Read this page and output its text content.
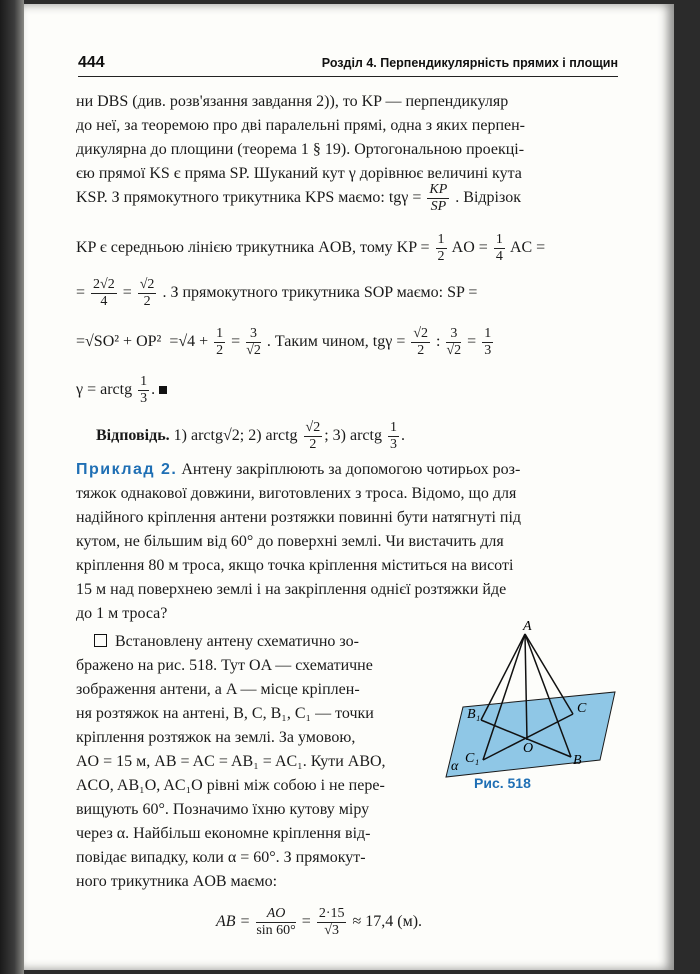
444	Розділ 4. Перпендикулярність прямих і площин
ни DBS (див. розв'язання завдання 2)), то KP — перпендикуляр
до неї, за теоремою про дві паралельні прямі, одна з яких перпен-
дикулярна до площини (теорема 1 § 19). Ортогональною проекці-
єю прямої KS є пряма SP. Шуканий кут γ дорівнює величині кута
KSP. З прямокутного трикутника KPS маємо: $tg\gamma = \frac{KP}{SP}$ . Відрізок
KP є середньою лінією трикутника AOB, тому KP = $\frac{1}{2}$ AO = $\frac{1}{4}$ AC =
= $\frac{2√2}{4} = \frac{√2}{2}$ . З прямокутного трикутника SOP маємо: SP =
$=√SO^2 + OP^2 =√4 + \frac{1}{2} = \frac{3}{√2}$ . Таким чином, $tg\gamma = \frac{√2}{2}$ : $\frac{3}{√2} = \frac{1}{3}$
γ = arctg $\frac{1}{3}$ .
Відповідь. 1) arctg√2; 2) arctg $\frac{√2}{2}$ ; 3) arctg $\frac{1}{3}$ .
Приклад 2. Антену закріплюють за допомогою чотирьох роз-
тяжок однакової довжини, виготовлених з троса. Відомо, що для
надійного кріплення антени розтяжки повинні бути натягнуті під
кутом, не більшим від 60° до поверхні землі. Чи вистачить для
кріплення 80 м троса, якщо точка кріплення міститься на висоті
15 м над поверхнею землі і на закріплення однієї розтяжки йде
до 1 м троса?
Встановлену антену схематично зо-
бражено на рис. 518. Тут OA — схематичне
зображення антени, а A — місце кріплен-
ня розтяжок на антені, B, C, B₁, C₁ — точки
кріплення розтяжок на землі. За умовою,
AO = 15 м, AB = AC = AB₁ = AC₁. Кути ABO,
ACO, AB₁O, AC₁O рівні між собою і не пере-
вищують 60°. Позначимо їхню кутову міру
через α. Найбільш економне кріплення від-
повідає випадку, коли α = 60°. З прямокут-
ного трикутника AOB маємо:
AB = $\frac{AO}{\sin 60^\circ} = \frac{2\cdot 15}{√3} \approx 17,4$ (м).
A
B₁	C
O
B
C₁
α
Рис. 518
